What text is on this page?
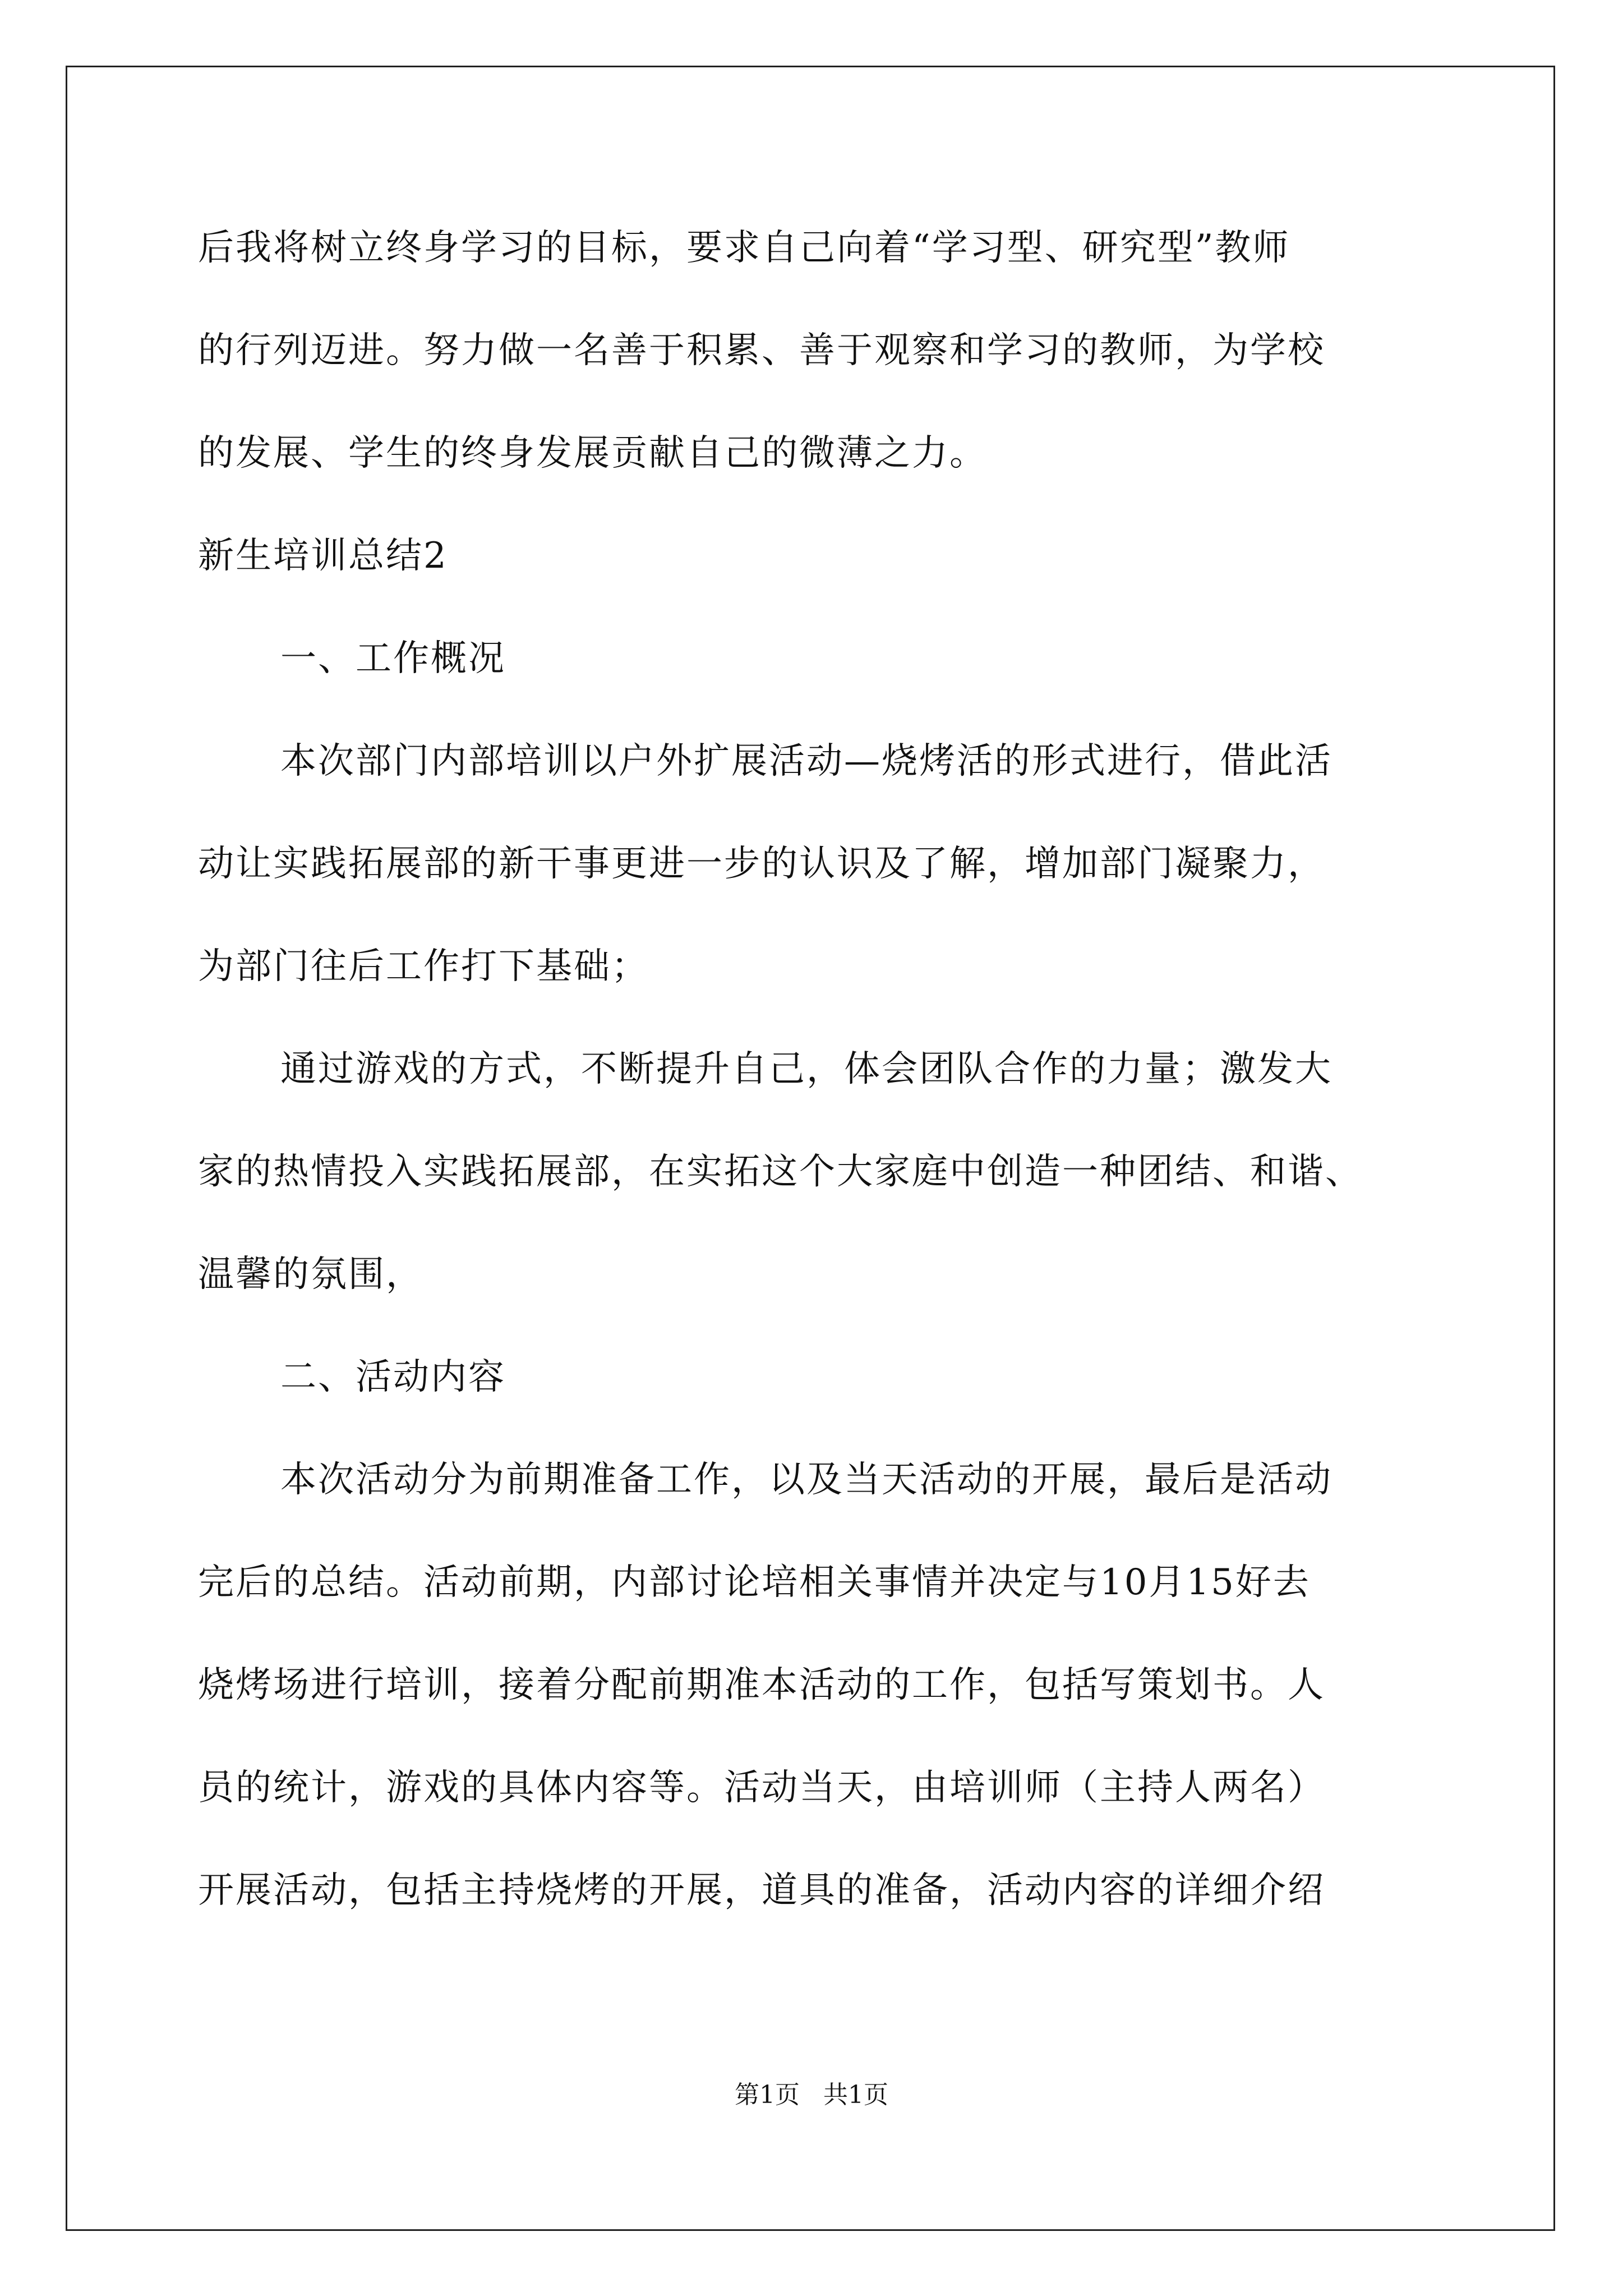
后我将树立终身学习的目标，要求自己向着“学习型、研究型”教师
的行列迈进。努力做一名善于积累、善于观察和学习的教师，为学校
的发展、学生的终身发展贡献自己的微薄之力。
新生培训总结2
一、工作概况
本次部门内部培训以户外扩展活动—烧烤活的形式进行，借此活
动让实践拓展部的新干事更进一步的认识及了解，增加部门凝聚力，
为部门往后工作打下基础；
通过游戏的方式，不断提升自己，体会团队合作的力量；激发大
家的热情投入实践拓展部，在实拓这个大家庭中创造一种团结、和谐、
温馨的氛围，
二、活动内容
本次活动分为前期准备工作，以及当天活动的开展，最后是活动
完后的总结。活动前期，内部讨论培相关事情并决定与10月15好去
烧烤场进行培训，接着分配前期准本活动的工作，包括写策划书。人
员的统计，游戏的具体内容等。活动当天，由培训师（主持人两名）
开展活动，包括主持烧烤的开展，道具的准备，活动内容的详细介绍
第1页   共1页
